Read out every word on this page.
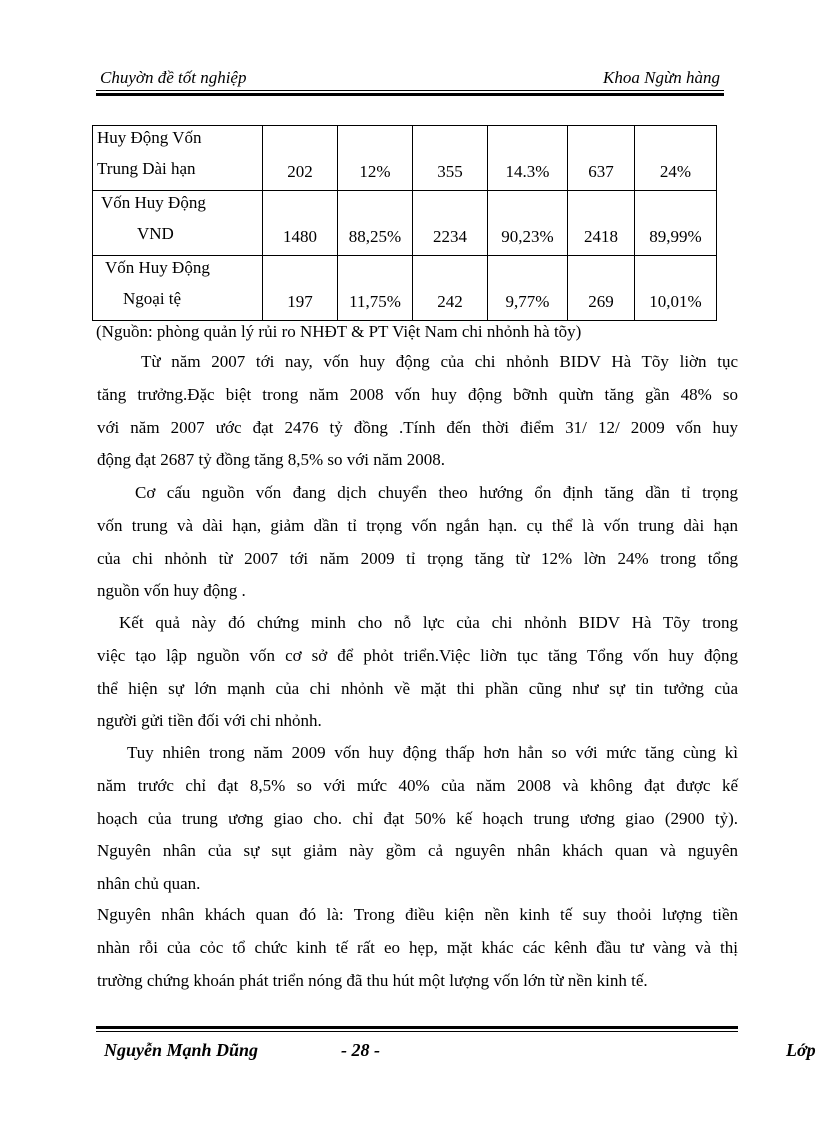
Chuyờn đề tốt nghiệp	Khoa Ngừn hàng
Huy Động Vốn
Trung Dài hạn	202	12%	355	14.3%	637	24%

Vốn Huy Động
VND	1480	88,25%	2234	90,23%	2418	89,99%

Vốn Huy Động
Ngoại tệ	197	11,75%	242	9,77%	269	10,01%
(Nguồn: phòng quản lý rủi ro NHĐT & PT Việt Nam chi nhỏnh hà tõy)
Từ năm 2007 tới nay, vốn huy động của chi nhỏnh BIDV Hà Tõy liờn tục
tăng trưởng.Đặc biệt trong năm 2008 vốn huy động bỡnh quừn tăng gần 48% so
với năm 2007 ước đạt 2476 tỷ đồng .Tính đến thời điểm 31/ 12/ 2009 vốn huy
động đạt 2687 tỷ đồng tăng 8,5% so với năm 2008.
Cơ cấu nguồn vốn đang dịch chuyển theo hướng ổn định tăng dần tỉ trọng
vốn trung và dài hạn, giảm dần tỉ trọng vốn ngắn hạn. cụ thể là vốn trung dài hạn
của chi nhỏnh từ 2007 tới năm 2009 tỉ trọng tăng từ 12% lờn 24% trong tổng
nguồn vốn huy động .
Kết quả này đó chứng minh cho nỗ lực của chi nhỏnh BIDV Hà Tõy trong
việc tạo lập nguồn vốn cơ sở để phỏt triển.Việc liờn tục tăng Tổng vốn huy động
thể hiện sự lớn mạnh của chi nhỏnh về mặt thi phần cũng như sự tin tưởng của
người gửi tiền đối với chi nhỏnh.
Tuy nhiên trong năm 2009 vốn huy động thấp hơn hẳn so với mức tăng cùng kì
năm trước chỉ đạt 8,5% so với mức 40% của năm 2008 và không đạt được kế
hoạch của trung ương giao cho. chỉ đạt 50% kế hoạch trung ương giao (2900 tỷ).
Nguyên nhân của sự sụt giảm này gồm cả nguyên nhân khách quan và nguyên
nhân chủ quan.
Nguyên nhân khách quan đó là: Trong điều kiện nền kinh tế suy thoỏi lượng tiền
nhàn rỗi của cỏc tổ chức kinh tế rất eo hẹp, mặt khác các kênh đầu tư vàng và thị
trường chứng khoán phát triển nóng đã thu hút một lượng vốn lớn từ nền kinh tế.
Nguyễn Mạnh Dũng	- 28 -	Lớp
